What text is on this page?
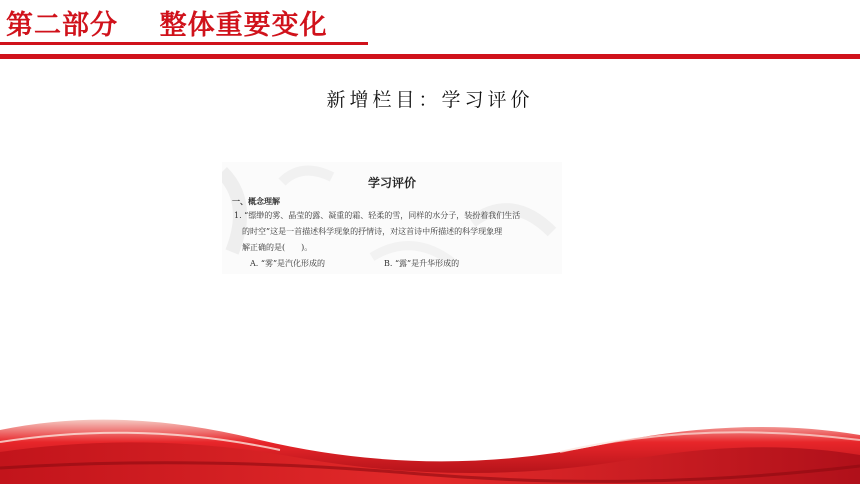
第二部分    整体重要变化
新增栏目：学习评价
学习评价
一、概念理解
1. “缥缈的雾、晶莹的露、凝重的霜、轻柔的雪，同样的水分子，装扮着我们生活
的时空”这是一首描述科学现象的抒情诗，对这首诗中所描述的科学现象理
解正确的是(　　)。
A. “雾”是汽化形成的	B. “露”是升华形成的
